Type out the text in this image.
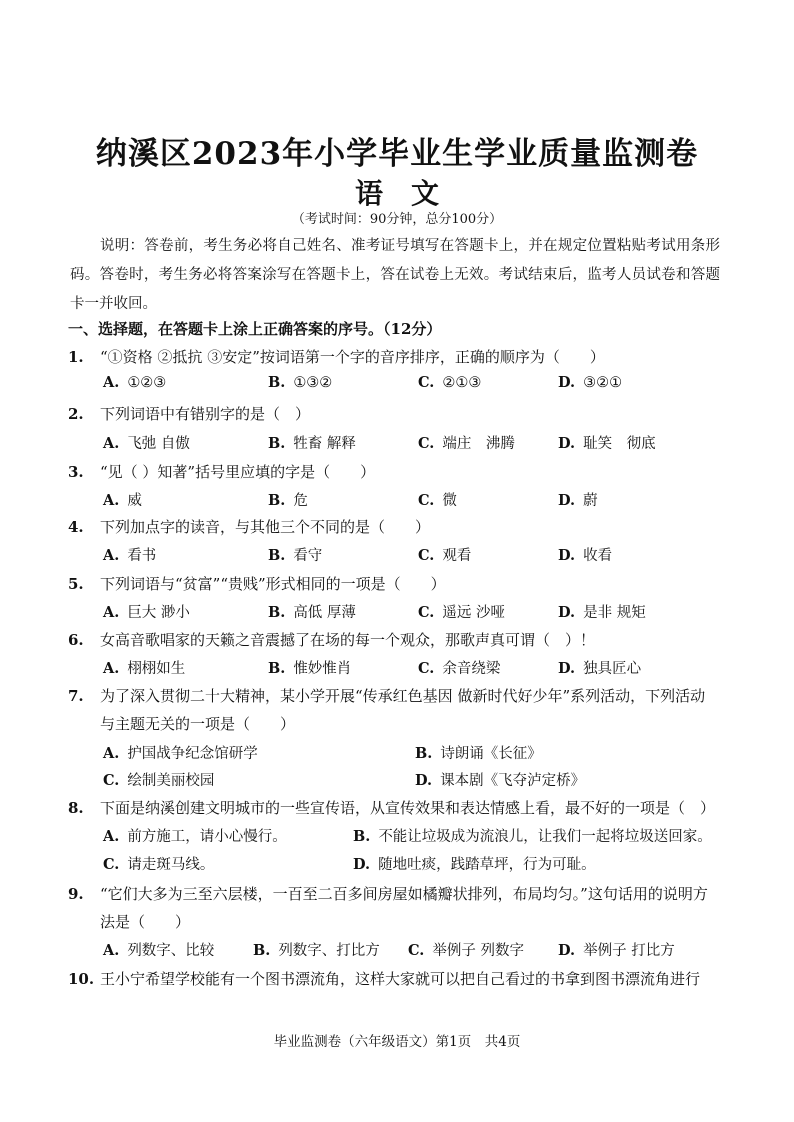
纳溪区2023年小学毕业生学业质量监测卷
语文
（考试时间：90分钟，总分100分）
说明：答卷前，考生务必将自己姓名、准考证号填写在答题卡上，并在规定位置粘贴考试用条形码。答卷时，考生务必将答案涂写在答题卡上，答在试卷上无效。考试结束后，监考人员试卷和答题卡一并收回。
一、选择题，在答题卡上涂上正确答案的序号。（12分）
1. “①资格 ②抵抗 ③安定”按词语第一个字的音序排序，正确的顺序为（　　）
A. ①②③	B. ①③②	C. ②①③	D. ③②①
2. 下列词语中有错别字的是（　）
A. 飞弛 自傲	B. 牲畜 解释	C. 端庄　沸腾	D. 耻笑　彻底
3. “见（ ）知著”括号里应填的字是（　　）
A. 威	B. 危	C. 微	D. 蔚
4. 下列加点字的读音，与其他三个不同的是（　　）
A. 看书	B. 看守	C. 观看	D. 收看
5. 下列词语与“贫富”“贵贱”形式相同的一项是（　　）
A. 巨大 渺小	B. 高低 厚薄	C. 遥远 沙哑	D. 是非 规矩
6. 女高音歌唱家的天籁之音震撼了在场的每一个观众，那歌声真可谓（　）！
A. 栩栩如生	B. 惟妙惟肖	C. 余音绕梁	D. 独具匠心
7. 为了深入贯彻二十大精神，某小学开展“传承红色基因 做新时代好少年”系列活动，下列活动
与主题无关的一项是（　　）
A. 护国战争纪念馆研学	B. 诗朗诵《长征》
C. 绘制美丽校园	D. 课本剧《飞夺泸定桥》
8. 下面是纳溪创建文明城市的一些宣传语，从宣传效果和表达情感上看，最不好的一项是（　）
A. 前方施工，请小心慢行。	B. 不能让垃圾成为流浪儿，让我们一起将垃圾送回家。
C. 请走斑马线。	D. 随地吐痰，践踏草坪，行为可耻。
9. “它们大多为三至六层楼，一百至二百多间房屋如橘瓣状排列，布局均匀。”这句话用的说明方
法是（　　）
A. 列数字、比较	B. 列数字、打比方 C. 举例子 列数字 D. 举例子 打比方
10. 王小宁希望学校能有一个图书漂流角，这样大家就可以把自己看过的书拿到图书漂流角进行
毕业监测卷（六年级语文）第1页　共4页
